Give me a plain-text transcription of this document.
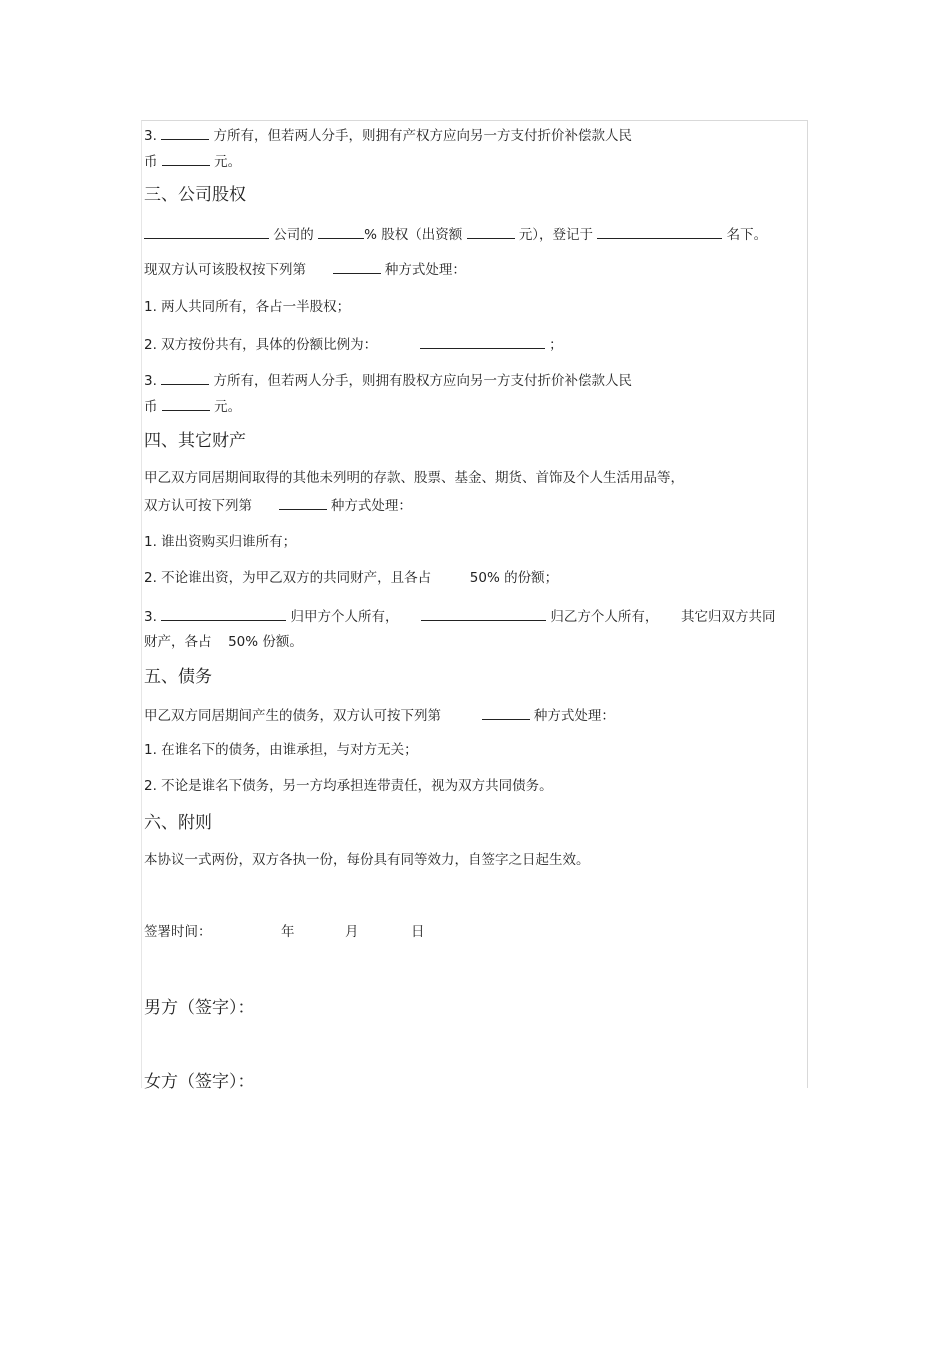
3.	方所有，但若两人分手，则拥有产权方应向另一方支付折价补偿款人民
币	元。
三、公司股权
公司的	% 股权（出资额	元），登记于	名下。
现双方认可该股权按下列第	种方式处理：
1. 两人共同所有，各占一半股权；
2. 双方按份共有，具体的份额比例为：	；
3.	方所有，但若两人分手，则拥有股权方应向另一方支付折价补偿款人民
币	元。
四、其它财产
甲乙双方同居期间取得的其他未列明的存款、股票、基金、期货、首饰及个人生活用品等，
双方认可按下列第	种方式处理：
1. 谁出资购买归谁所有；
2. 不论谁出资，为甲乙双方的共同财产，且各占	50% 的份额；
3.	归甲方个人所有，	归乙方个人所有， 其它归双方共同
财产，各占 50% 份额。
五、债务
甲乙双方同居期间产生的债务，双方认可按下列第	种方式处理：
1. 在谁名下的债务，由谁承担，与对方无关；
2. 不论是谁名下债务，另一方均承担连带责任，视为双方共同债务。
六、附则
本协议一式两份，双方各执一份，每份具有同等效力，自签字之日起生效。
签署时间：	年	月	日
男方（签字）：
女方（签字）：
